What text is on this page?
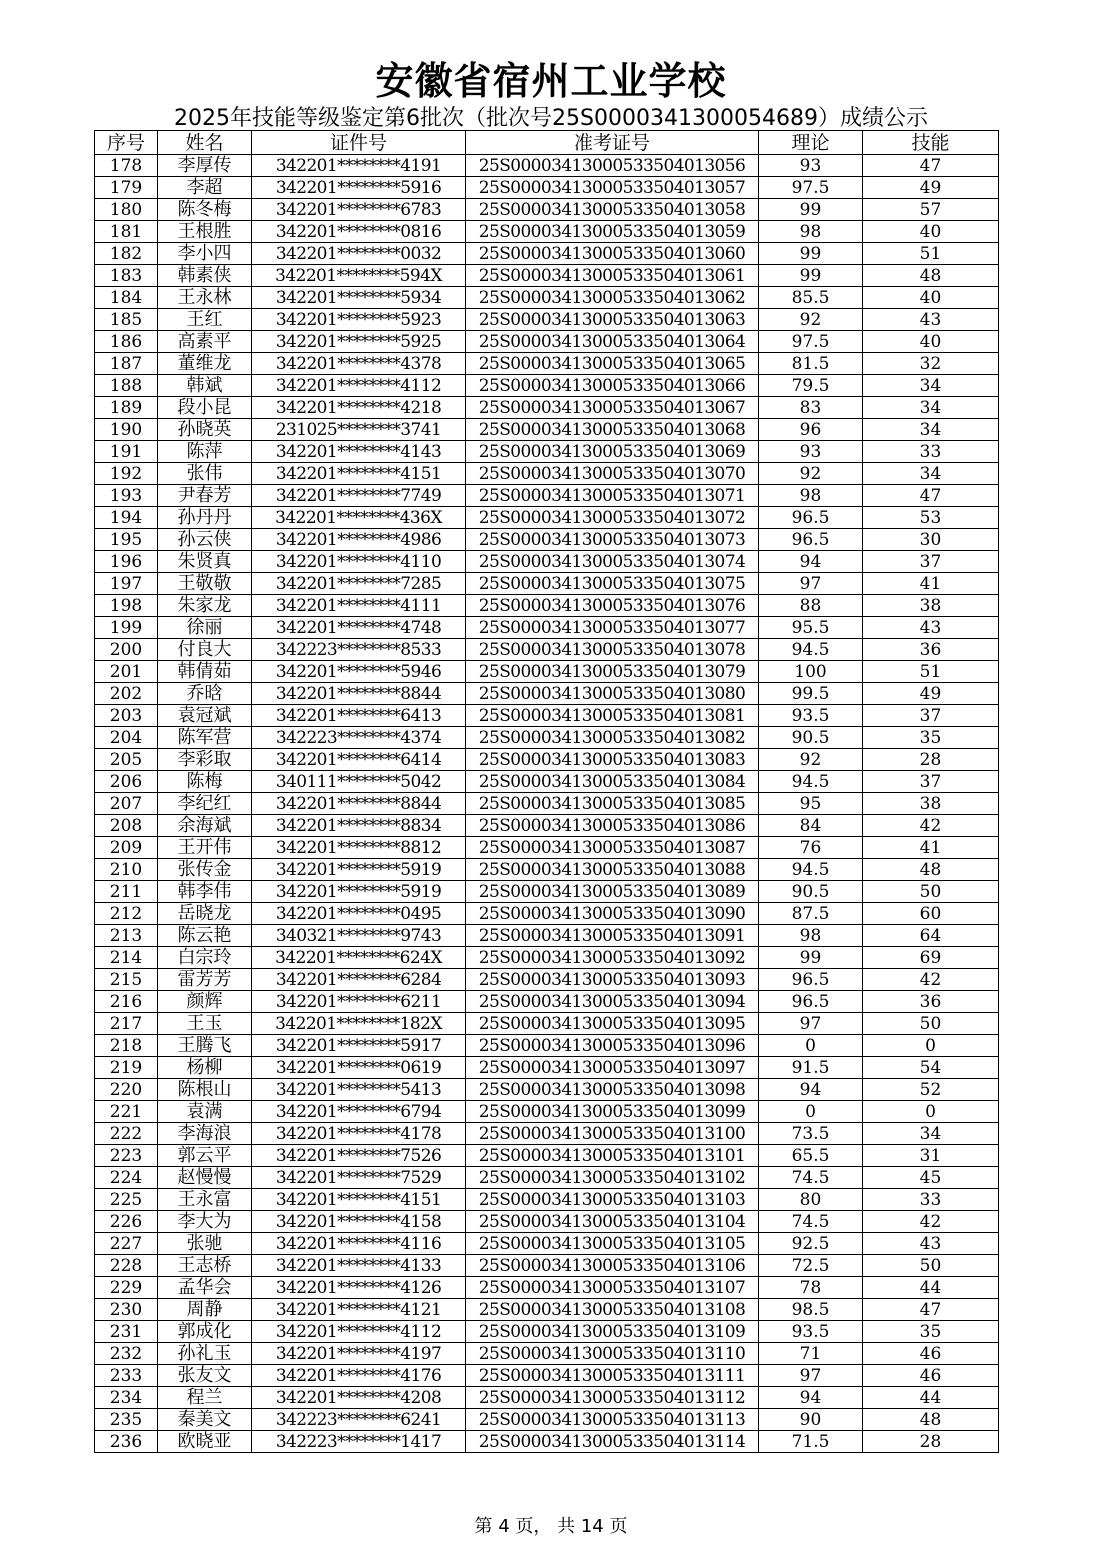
安徽省宿州工业学校
2025年技能等级鉴定第6批次（批次号25S000034130005468​9）成绩公示
序号	姓名	证件号	准考证号	理论	技能
178	李厚传	342201********4191	25S000034130005335040130​56	93	47
179	李超	342201********5916	25S00003413000533504013057	97.5	49
180	陈冬梅	342201********6783	25S00003413000533504013058	99	57
181	王根胜	342201********0816	25S00003413000533504013059	98	40
182	李小四	342201********0032	25S00003413000533504013060	99	51
183	韩素侠	342201********594X	25S00003413000533504013061	99	48
184	王永林	342201********5934	25S00003413000533504013062	85.5	40
185	王红	342201********5923	25S00003413000533504013063	92	43
186	高素平	342201********5925	25S00003413000533504013064	97.5	40
187	董维龙	342201********4378	25S00003413000533504013065	81.5	32
188	韩斌	342201********4112	25S00003413000533504013066	79.5	34
189	段小昆	342201********4218	25S00003413000533504013067	83	34
190	孙晓英	231025********3741	25S00003413000533504013068	96	34
191	陈萍	342201********4143	25S00003413000533504013069	93	33
192	张伟	342201********4151	25S00003413000533504013070	92	34
193	尹春芳	342201********7749	25S00003413000533504013071	98	47
194	孙丹丹	342201********436X	25S00003413000533504013072	96.5	53
195	孙云侠	342201********4986	25S00003413000533504013073	96.5	30
196	朱贤真	342201********4110	25S00003413000533504013074	94	37
197	王敬敬	342201********7285	25S00003413000533504013075	97	41
198	朱家龙	342201********4111	25S00003413000533504013076	88	38
199	徐丽	342201********4748	25S00003413000533504013077	95.5	43
200	付良大	342223********8533	25S00003413000533504013078	94.5	36
201	韩倩茹	342201********5946	25S00003413000533504013079	100	51
202	乔晗	342201********8844	25S00003413000533504013080	99.5	49
203	袁冠斌	342201********6413	25S00003413000533504013081	93.5	37
204	陈军营	342223********4374	25S00003413000533504013082	90.5	35
205	李彩取	342201********6414	25S00003413000533504013083	92	28
206	陈梅	340111********5042	25S00003413000533504013084	94.5	37
207	李纪红	342201********8844	25S00003413000533504013085	95	38
208	余海斌	342201********8834	25S00003413000533504013086	84	42
209	王开伟	342201********8812	25S00003413000533504013087	76	41
210	张传金	342201********5919	25S00003413000533504013088	94.5	48
211	韩李伟	342201********5919	25S00003413000533504013089	90.5	50
212	岳晓龙	342201********0495	25S00003413000533504013090	87.5	60
213	陈云艳	340321********9743	25S00003413000533504013091	98	64
214	白宗玲	342201********624X	25S00003413000533504013092	99	69
215	雷芳芳	342201********6284	25S00003413000533504013093	96.5	42
216	颜辉	342201********6211	25S00003413000533504013094	96.5	36
217	王玉	342201********182X	25S00003413000533504013095	97	50
218	王腾飞	342201********5917	25S00003413000533504013096	0	0
219	杨柳	342201********0619	25S00003413000533504013097	91.5	54
220	陈根山	342201********5413	25S00003413000533504013098	94	52
221	袁满	342201********6794	25S00003413000533504013099	0	0
222	李海浪	342201********4178	25S00003413000533504013100	73.5	34
223	郭云平	342201********7526	25S00003413000533504013101	65.5	31
224	赵慢慢	342201********7529	25S00003413000533504013102	74.5	45
225	王永富	342201********4151	25S00003413000533504013103	80	33
226	李大为	342201********4158	25S00003413000533504013104	74.5	42
227	张驰	342201********4116	25S00003413000533504013105	92.5	43
228	王志桥	342201********4133	25S00003413000533504013106	72.5	50
229	孟华会	342201********4126	25S00003413000533504013107	78	44
230	周静	342201********4121	25S00003413000533504013108	98.5	47
231	郭成化	342201********4112	25S00003413000533504013109	93.5	35
232	孙礼玉	342201********4197	25S00003413000533504013110	71	46
233	张友文	342201********4176	25S00003413000533504013111	97	46
234	程兰	342201********4208	25S00003413000533504013112	94	44
235	秦美文	342223********6241	25S00003413000533504013113	90	48
236	欧晓亚	342223********1417	25S00003413000533504013114	71.5	28
第 4 页， 共 14 页
